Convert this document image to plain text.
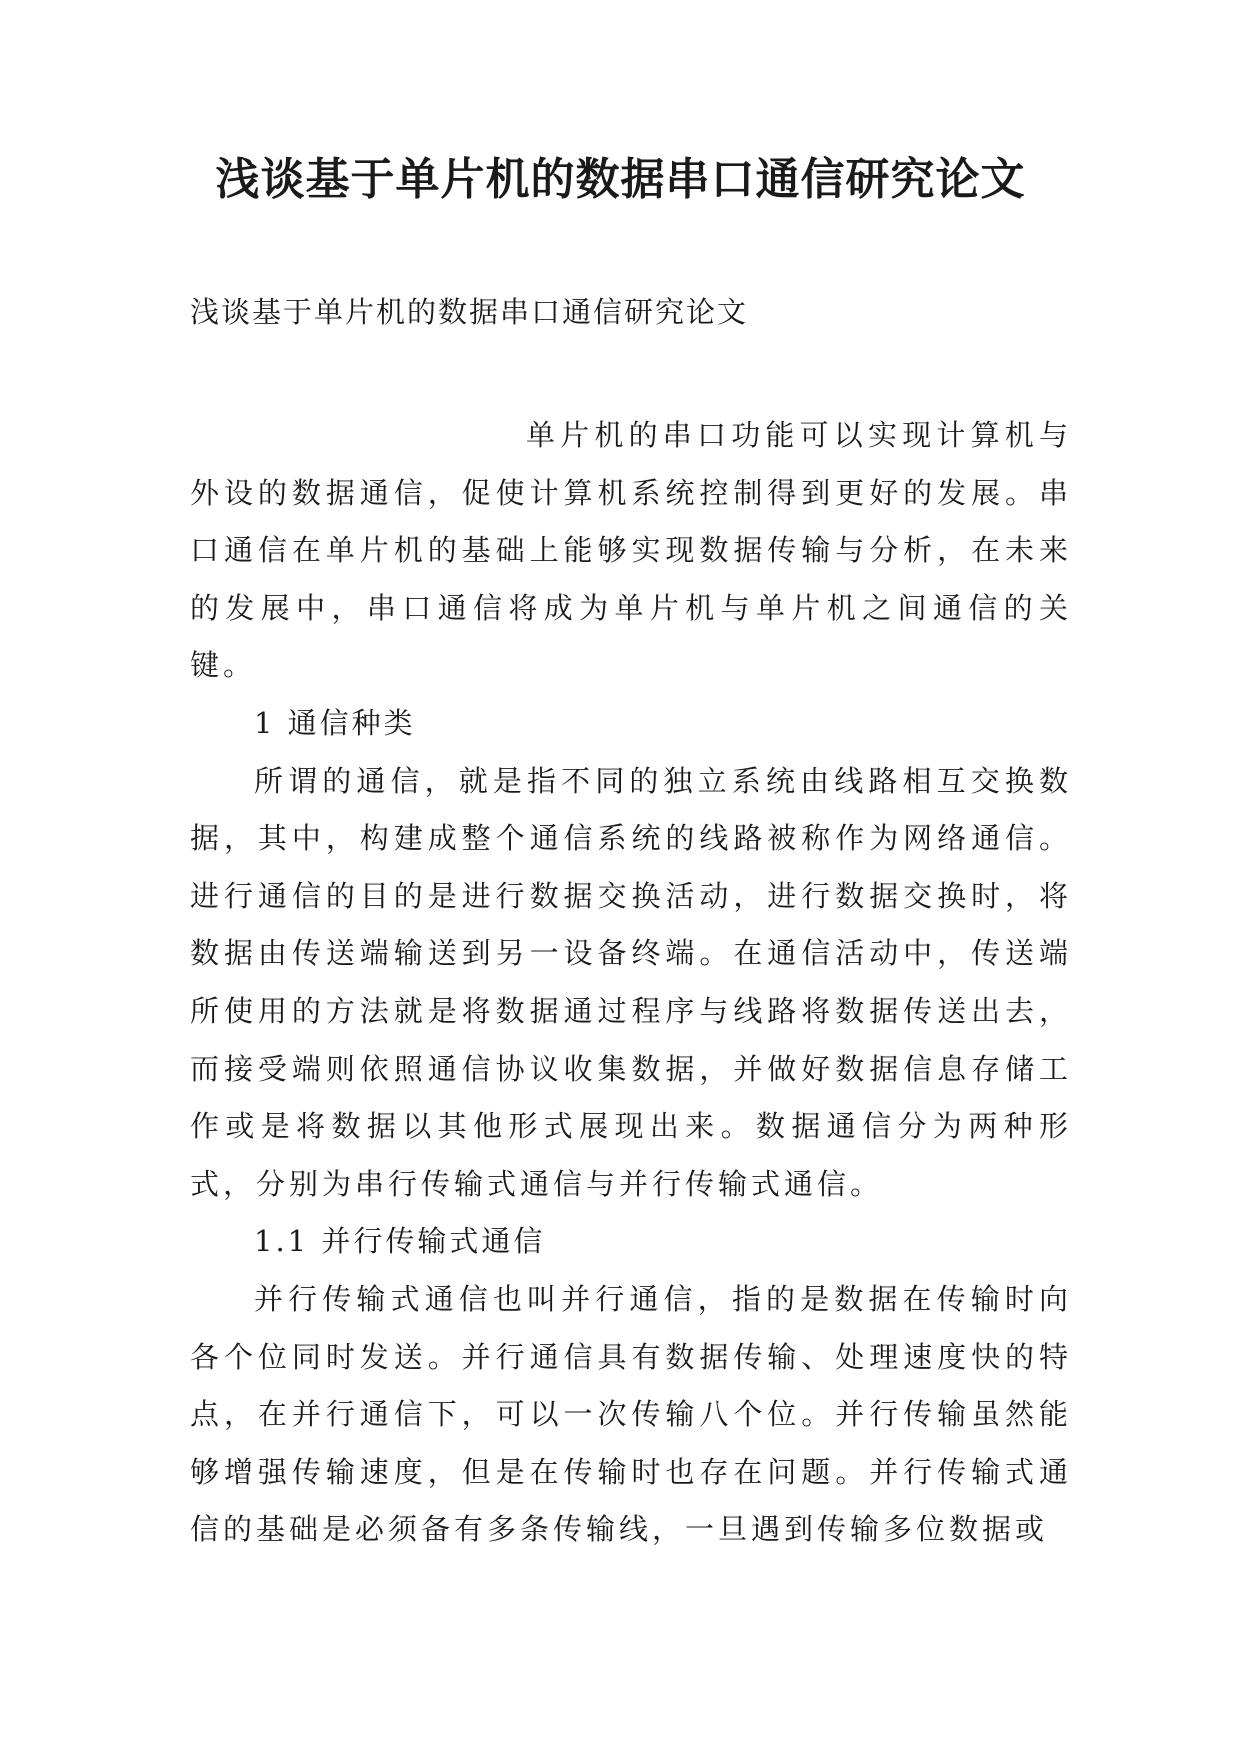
浅谈基于单片机的数据串口通信研究论文

浅谈基于单片机的数据串口通信研究论文

单片机的串口功能可以实现计算机与外设的数据通信，促使计算机系统控制得到更好的发展。串口通信在单片机的基础上能够实现数据传输与分析，在未来的发展中，串口通信将成为单片机与单片机之间通信的关键。

1 通信种类

所谓的通信，就是指不同的独立系统由线路相互交换数据，其中，构建成整个通信系统的线路被称作为网络通信。进行通信的目的是进行数据交换活动，进行数据交换时，将数据由传送端输送到另一设备终端。在通信活动中，传送端所使用的方法就是将数据通过程序与线路将数据传送出去，而接受端则依照通信协议收集数据，并做好数据信息存储工作或是将数据以其他形式展现出来。数据通信分为两种形式，分别为串行传输式通信与并行传输式通信。

1.1 并行传输式通信

并行传输式通信也叫并行通信，指的是数据在传输时向各个位同时发送。并行通信具有数据传输、处理速度快的特点，在并行通信下，可以一次传输八个位。并行传输虽然能够增强传输速度，但是在传输时也存在问题。并行传输式通信的基础是必须备有多条传输线，一旦遇到传输多位数据或
